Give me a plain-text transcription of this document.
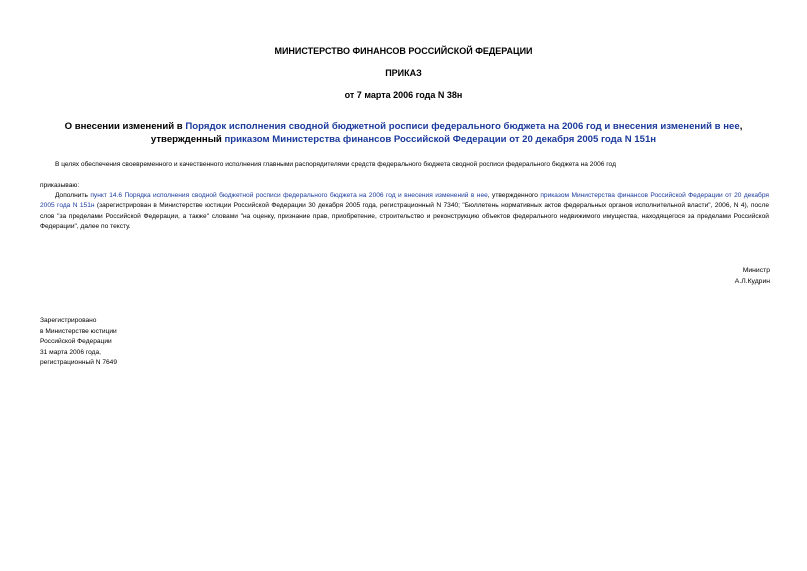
МИНИСТЕРСТВО ФИНАНСОВ РОССИЙСКОЙ ФЕДЕРАЦИИ
ПРИКАЗ
от 7 марта 2006 года N 38н
О внесении изменений в Порядок исполнения сводной бюджетной росписи федерального бюджета на 2006 год и внесения изменений в нее, утвержденный приказом Министерства финансов Российской Федерации от 20 декабря 2005 года N 151н
В целях обеспечения своевременного и качественного исполнения главными распорядителями средств федерального бюджета сводной росписи федерального бюджета на 2006 год
приказываю:
Дополнить пункт 14.6 Порядка исполнения сводной бюджетной росписи федерального бюджета на 2006 год и внесения изменений в нее, утвержденного приказом Министерства финансов Российской Федерации от 20 декабря 2005 года N 151н (зарегистрирован в Министерстве юстиции Российской Федерации 30 декабря 2005 года, регистрационный N 7340; "Бюллетень нормативных актов федеральных органов исполнительной власти", 2006, N 4), после слов "за пределами Российской Федерации, а также" словами "на оценку, признание прав, приобретение, строительство и реконструкцию объектов федерального недвижимого имущества, находящегося за пределами Российской Федерации", далее по тексту.
Министр
А.Л.Кудрин
Зарегистрировано
в Министерстве юстиции
Российской Федерации
31 марта 2006 года,
регистрационный N 7649
